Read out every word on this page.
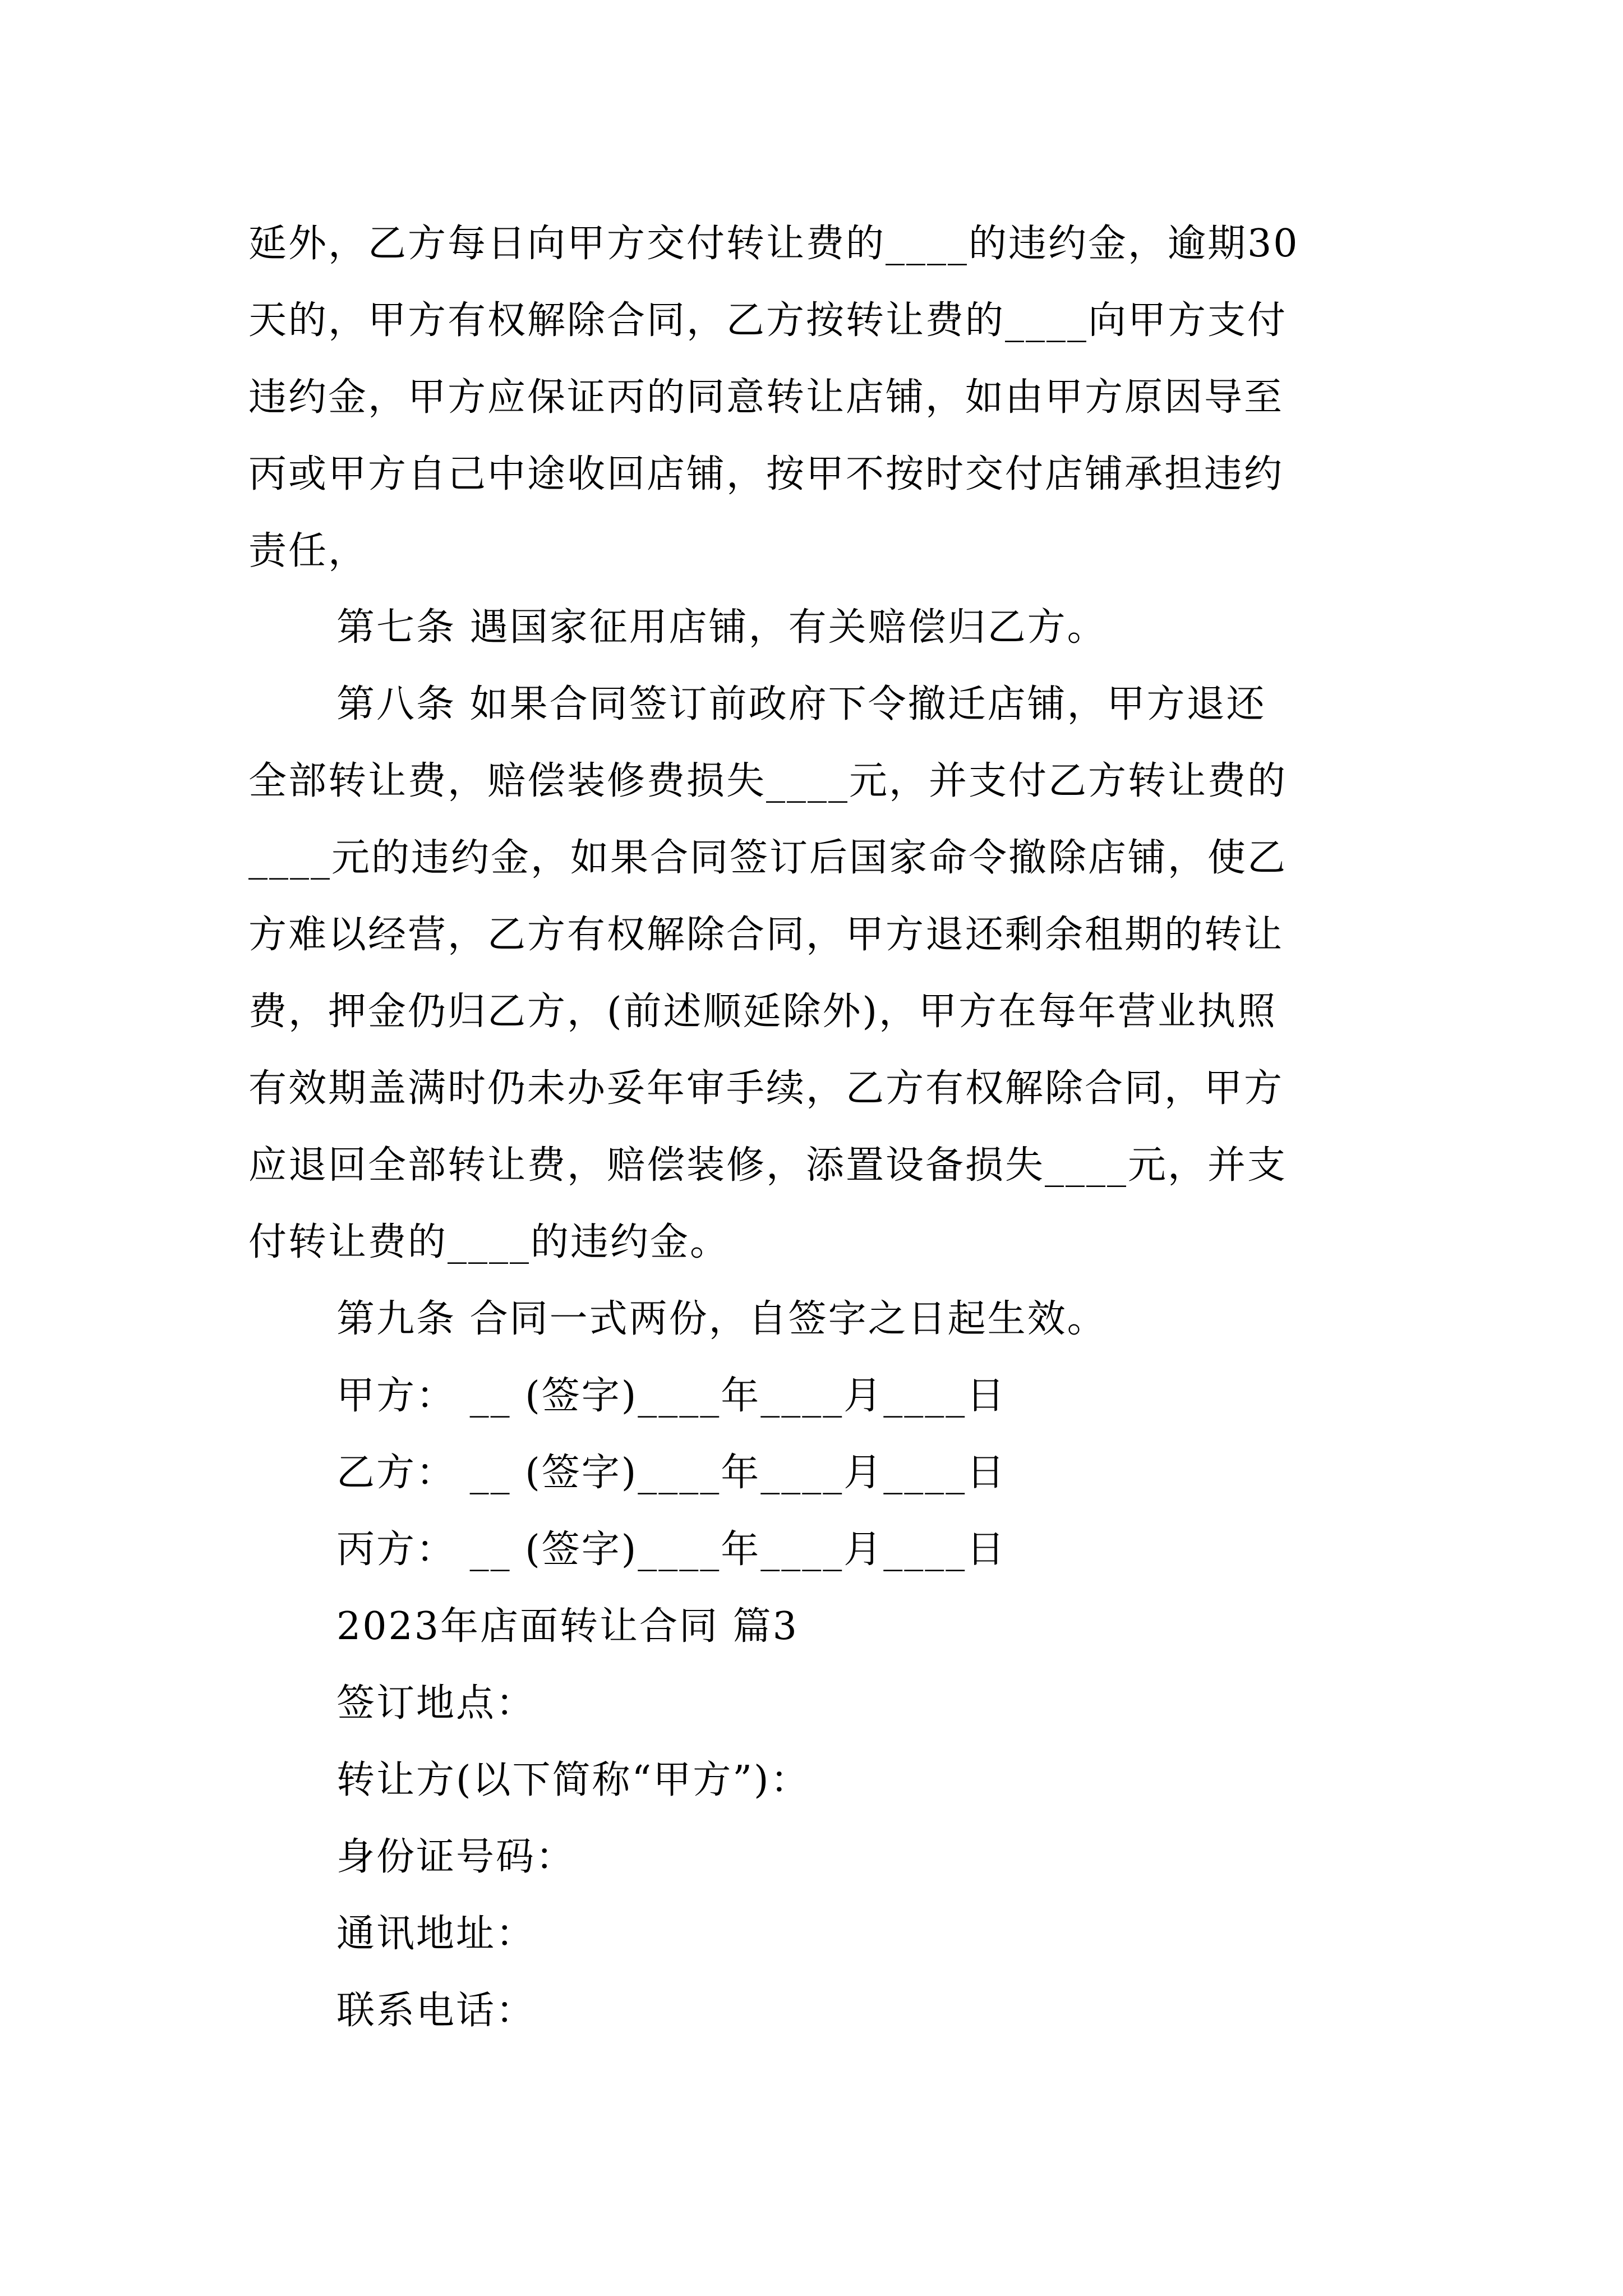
延外，乙方每日向甲方交付转让费的____的违约金，逾期30
天的，甲方有权解除合同，乙方按转让费的____向甲方支付
违约金，甲方应保证丙的同意转让店铺，如由甲方原因导至
丙或甲方自己中途收回店铺，按甲不按时交付店铺承担违约
责任，
第七条 遇国家征用店铺，有关赔偿归乙方。
第八条 如果合同签订前政府下令撤迁店铺，甲方退还
全部转让费，赔偿装修费损失____元，并支付乙方转让费的
____元的违约金，如果合同签订后国家命令撤除店铺，使乙
方难以经营，乙方有权解除合同，甲方退还剩余租期的转让
费，押金仍归乙方，(前述顺延除外)，甲方在每年营业执照
有效期盖满时仍未办妥年审手续，乙方有权解除合同，甲方
应退回全部转让费，赔偿装修，添置设备损失____元，并支
付转让费的____的违约金。
第九条 合同一式两份，自签字之日起生效。
甲方： __ (签字)____年____月____日
乙方： __ (签字)____年____月____日
丙方： __ (签字)____年____月____日
2023年店面转让合同 篇3
签订地点：
转让方(以下简称“甲方”)：
身份证号码：
通讯地址：
联系电话：
